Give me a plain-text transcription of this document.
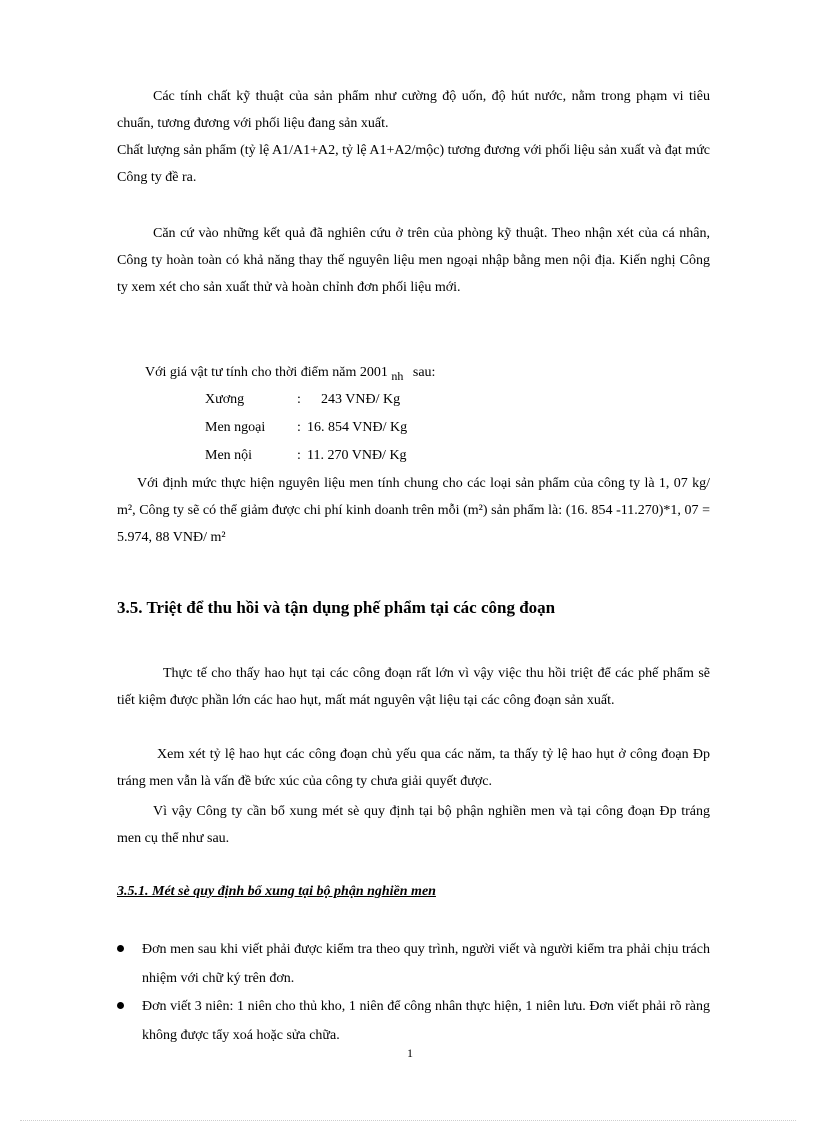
Các tính chất kỹ thuật của sản phẩm như cường độ uốn, độ hút nước, nằm trong phạm vi tiêu chuẩn, tương đương với phối liệu đang sản xuất.

Chất lượng sản phẩm (tỷ lệ A1/A1+A2, tỷ lệ A1+A2/mộc) tương đương với phối liệu sản xuất và đạt mức Công ty đề ra.

Căn cứ vào những kết quả đã nghiên cứu ở trên của phòng kỹ thuật. Theo nhận xét của cá nhân, Công ty hoàn toàn có khả năng thay thế nguyên liệu men ngoại nhập bằng men nội địa. Kiến nghị Công ty xem xét cho sản xuất thử và hoàn chỉnh đơn phối liệu mới.

Với giá vật tư tính cho thời điểm năm 2001 nh sau:
Xương	: 243 VNĐ/ Kg
Men ngoại : 16. 854 VNĐ/ Kg
Men nội	: 11. 270 VNĐ/ Kg

Với định mức thực hiện nguyên liệu men tính chung cho các loại sản phẩm của công ty là 1, 07 kg/ m², Công ty sẽ có thể giảm được chi phí kinh doanh trên mỗi (m²) sản phẩm là: (16. 854 -11.270)*1, 07 = 5.974, 88 VNĐ/ m²

3.5. Triệt để thu hồi và tận dụng phế phẩm tại các công đoạn

Thực tế cho thấy hao hụt tại các công đoạn rất lớn vì vậy việc thu hồi triệt để các phế phẩm sẽ tiết kiệm được phần lớn các hao hụt, mất mát nguyên vật liệu tại các công đoạn sản xuất.

Xem xét tỷ lệ hao hụt các công đoạn chủ yếu qua các năm, ta thấy tỷ lệ hao hụt ở công đoạn Đp tráng men vẫn là vấn đề bức xúc của công ty chưa giải quyết được.

Vì vậy Công ty cần bổ xung mét sè quy định tại bộ phận nghiền men và tại công đoạn Đp tráng men cụ thể như sau.

3.5.1. Mét sè quy định bổ xung tại bộ phận nghiền men
Đơn men sau khi viết phải được kiểm tra theo quy trình, người viết và người kiểm tra phải chịu trách nhiệm với chữ ký trên đơn.
Đơn viết 3 niên: 1 niên cho thủ kho, 1 niên để công nhân thực hiện, 1 niên lưu. Đơn viết phải rõ ràng không được tẩy xoá hoặc sửa chữa.
1
